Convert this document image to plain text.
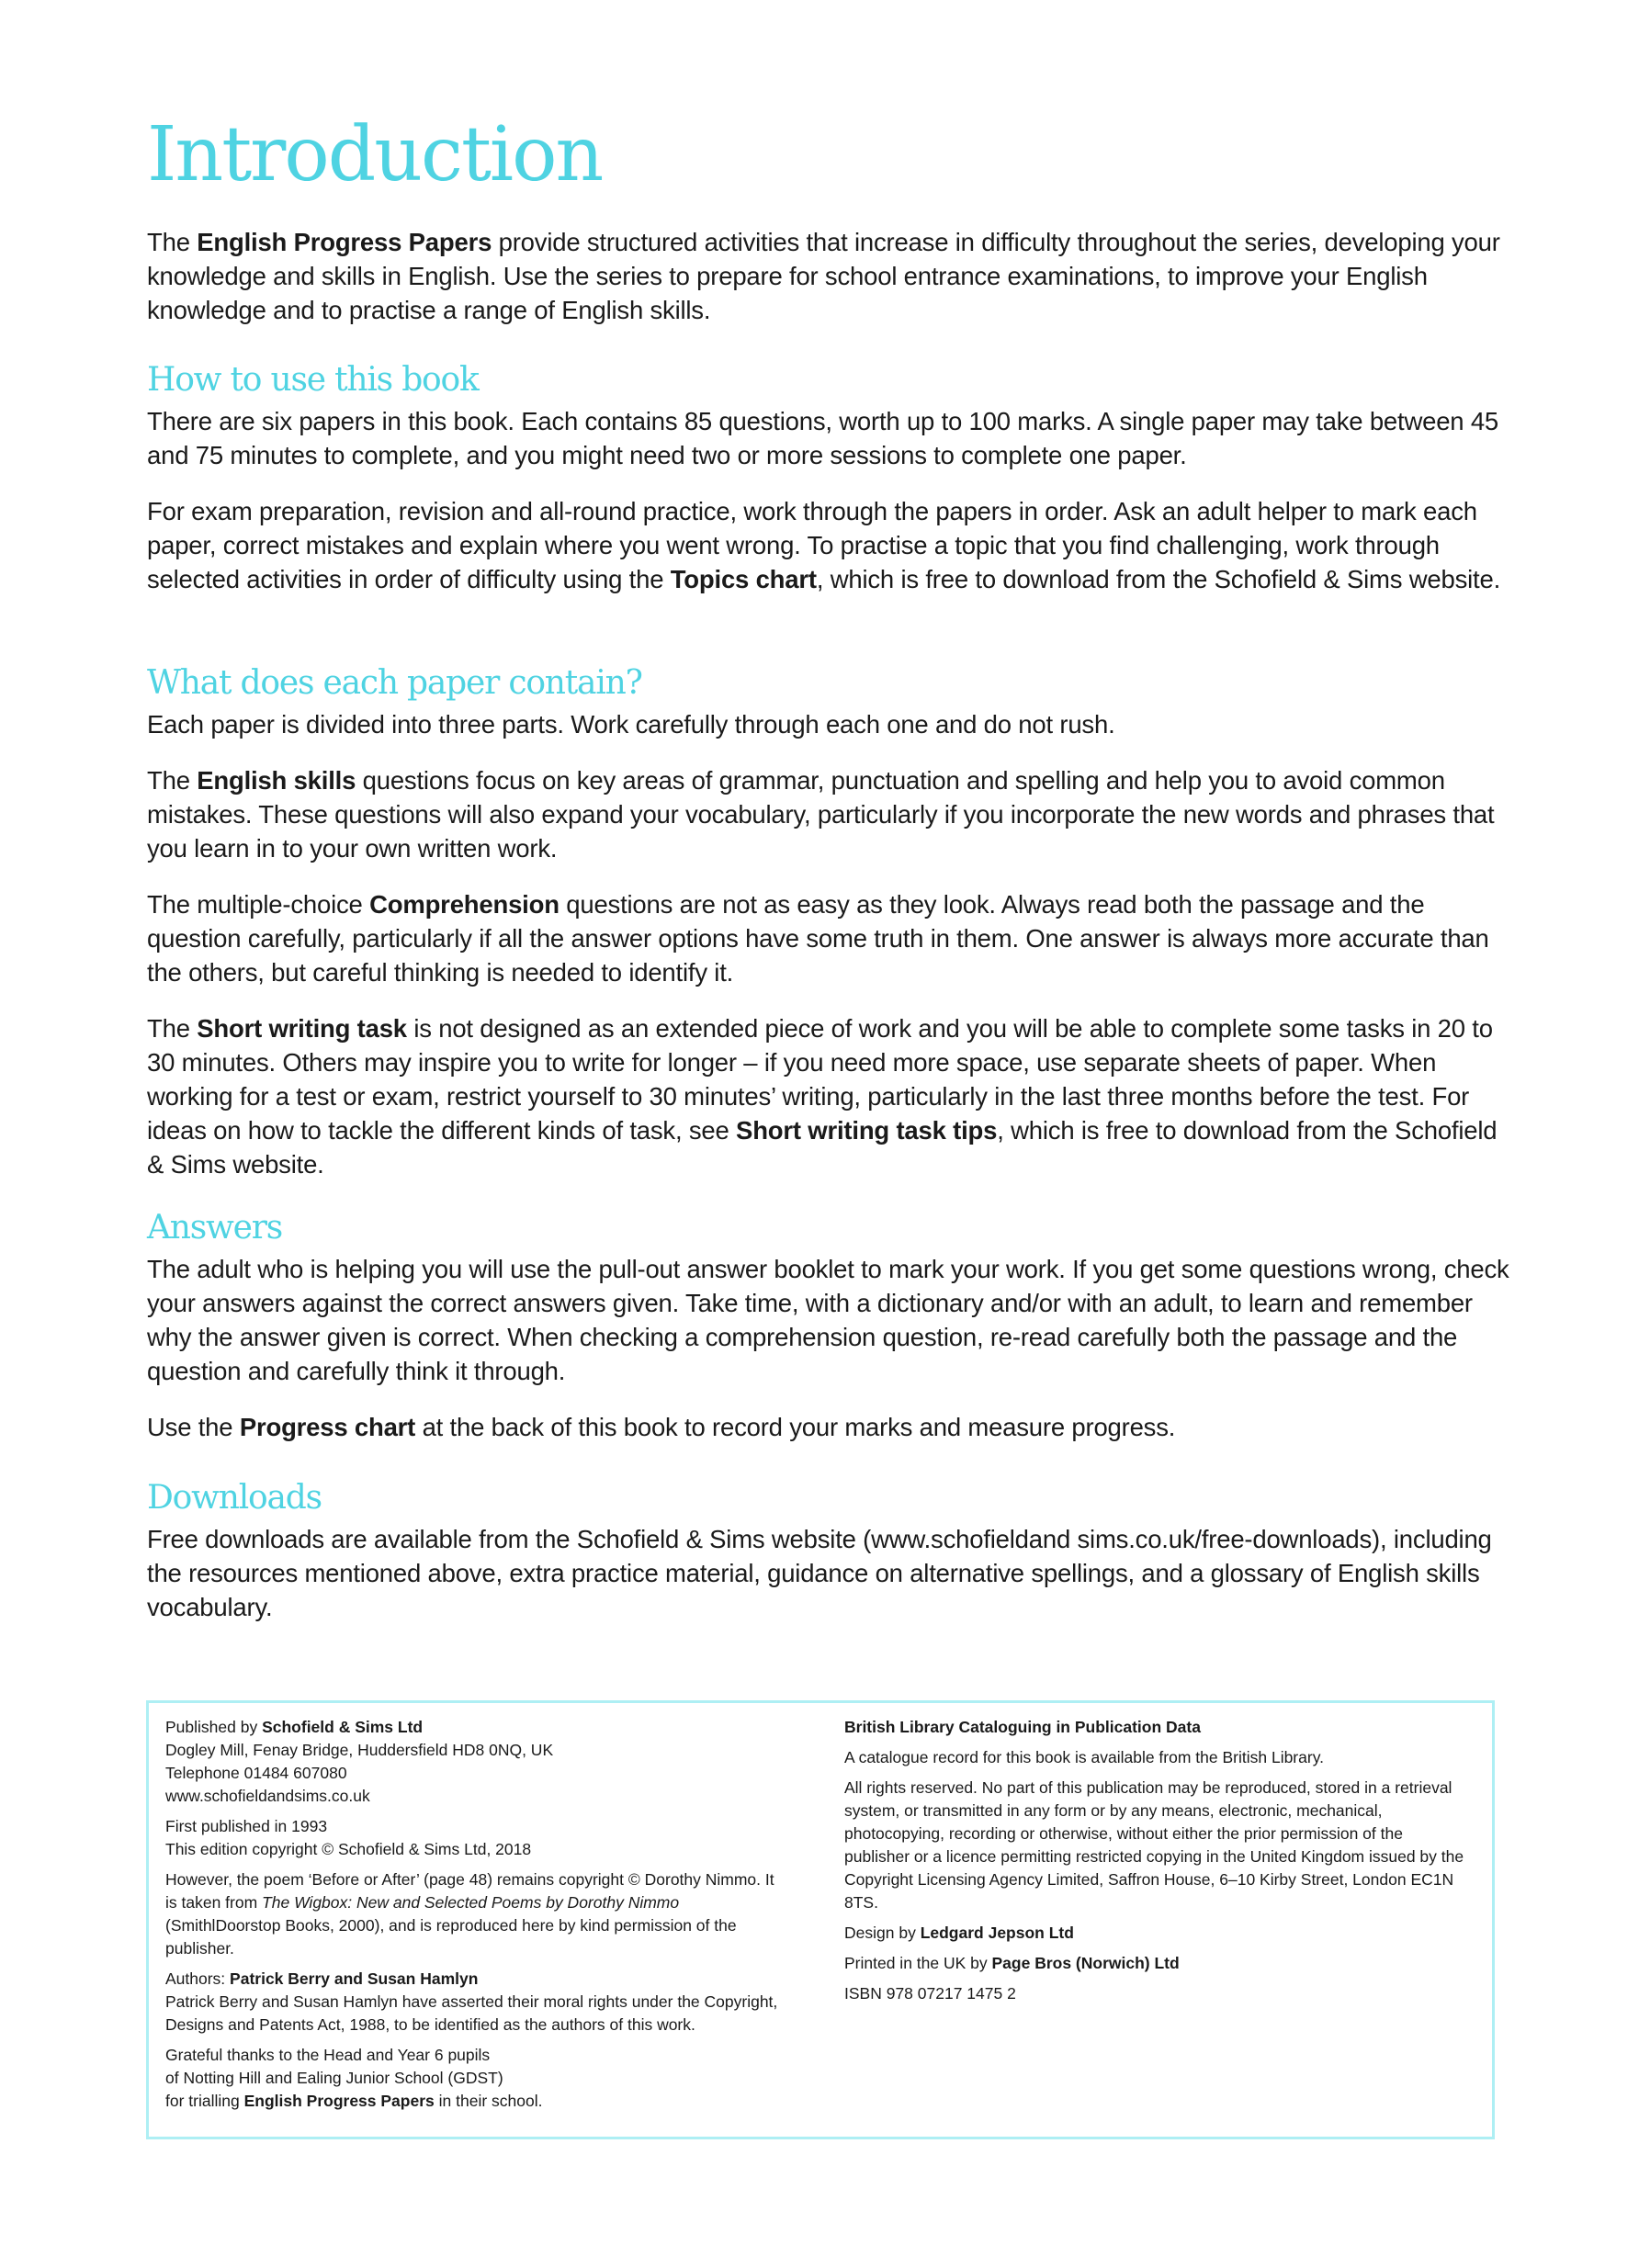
Introduction

The English Progress Papers provide structured activities that increase in difficulty throughout the series, developing your knowledge and skills in English. Use the series to prepare for school entrance examinations, to improve your English knowledge and to practise a range of English skills.

How to use this book

There are six papers in this book. Each contains 85 questions, worth up to 100 marks. A single paper may take between 45 and 75 minutes to complete, and you might need two or more sessions to complete one paper.

For exam preparation, revision and all-round practice, work through the papers in order. Ask an adult helper to mark each paper, correct mistakes and explain where you went wrong. To practise a topic that you find challenging, work through selected activities in order of difficulty using the Topics chart, which is free to download from the Schofield & Sims website.

What does each paper contain?

Each paper is divided into three parts. Work carefully through each one and do not rush.

The English skills questions focus on key areas of grammar, punctuation and spelling and help you to avoid common mistakes. These questions will also expand your vocabulary, particularly if you incorporate the new words and phrases that you learn in to your own written work.

The multiple-choice Comprehension questions are not as easy as they look. Always read both the passage and the question carefully, particularly if all the answer options have some truth in them. One answer is always more accurate than the others, but careful thinking is needed to identify it.

The Short writing task is not designed as an extended piece of work and you will be able to complete some tasks in 20 to 30 minutes. Others may inspire you to write for longer – if you need more space, use separate sheets of paper. When working for a test or exam, restrict yourself to 30 minutes’ writing, particularly in the last three months before the test. For ideas on how to tackle the different kinds of task, see Short writing task tips, which is free to download from the Schofield & Sims website.

Answers

The adult who is helping you will use the pull-out answer booklet to mark your work. If you get some questions wrong, check your answers against the correct answers given. Take time, with a dictionary and/or with an adult, to learn and remember why the answer given is correct. When checking a comprehension question, re-read carefully both the passage and the question and carefully think it through.

Use the Progress chart at the back of this book to record your marks and measure progress.

Downloads

Free downloads are available from the Schofield & Sims website (www.schofieldand sims.co.uk/free-downloads), including the resources mentioned above, extra practice material, guidance on alternative spellings, and a glossary of English skills vocabulary.

Published by Schofield & Sims Ltd
Dogley Mill, Fenay Bridge, Huddersfield HD8 0NQ, UK
Telephone 01484 607080
www.schofieldandsims.co.uk

First published in 1993
This edition copyright © Schofield & Sims Ltd, 2018

However, the poem ‘Before or After’ (page 48) remains copyright © Dorothy Nimmo. It is taken from The Wigbox: New and Selected Poems by Dorothy Nimmo (SmithlDoorstop Books, 2000), and is reproduced here by kind permission of the publisher.

Authors: Patrick Berry and Susan Hamlyn
Patrick Berry and Susan Hamlyn have asserted their moral rights under the Copyright, Designs and Patents Act, 1988, to be identified as the authors of this work.

Grateful thanks to the Head and Year 6 pupils
of Notting Hill and Ealing Junior School (GDST)
for trialling English Progress Papers in their school.

British Library Cataloguing in Publication Data

A catalogue record for this book is available from the British Library.

All rights reserved. No part of this publication may be reproduced, stored in a retrieval system, or transmitted in any form or by any means, electronic, mechanical, photocopying, recording or otherwise, without either the prior permission of the publisher or a licence permitting restricted copying in the United Kingdom issued by the Copyright Licensing Agency Limited, Saffron House, 6–10 Kirby Street, London EC1N 8TS.

Design by Ledgard Jepson Ltd

Printed in the UK by Page Bros (Norwich) Ltd

ISBN 978 07217 1475 2
